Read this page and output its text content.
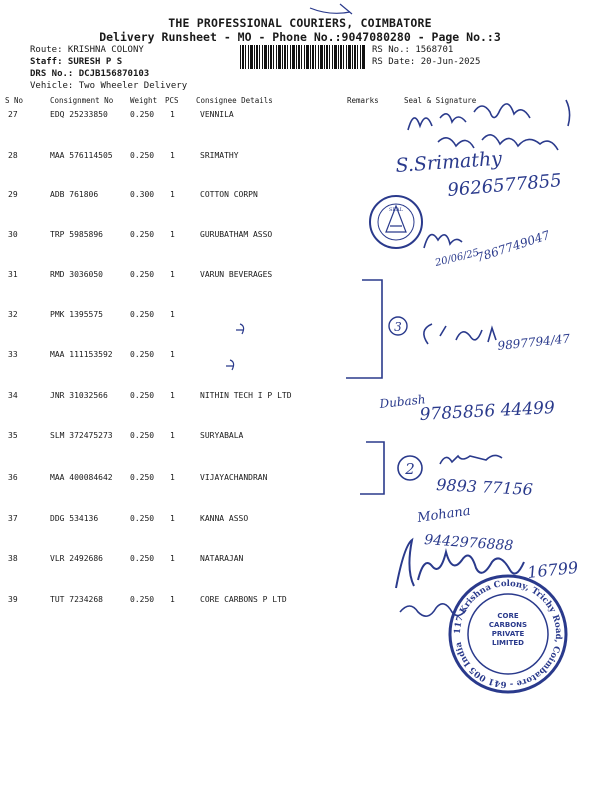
THE PROFESSIONAL COURIERS, COIMBATORE
Delivery Runsheet - MO - Phone No.:9047080280 - Page No.:3
Route: KRISHNA COLONY
Staff: SURESH P S
DRS No.: DCJB156870103
Vehicle: Two Wheeler Delivery
RS No.: 1568701
RS Date: 20-Jun-2025
S No	Consignment No Weight PCS Consignee Details	Remarks	Seal & Signature
27	EDQ 25233850	0.250 1	VENNILA
28	MAA 576114505 0.250 1	SRIMATHY
29	ADB 761806	0.300 1	COTTON CORPN
30	TRP 5985896	0.250 1	GURUBATHAM ASSO
31	RMD 3036050	0.250 1	VARUN BEVERAGES
32	PMK 1395575	0.250 1
33	MAA 111153592 0.250 1
34	JNR 31032566	0.250 1	NITHIN TECH I P LTD
35	SLM 372475273 0.250 1	SURYABALA
36	MAA 400084642 0.250 1	VIJAYACHANDRAN
37	DDG 534136	0.250 1	KANNA ASSO
38	VLR 2492686	0.250 1	NATARAJAN
39	TUT 7234268	0.250 1	CORE CARBONS P LTD
S.Srimathy
9626577855
SEAL
20/06/25
7867749047
3
9897794/47
Dubash
9785856 44499
2
9893 77156
Mohana
9442976888
16799
117 Krishna Colony, Trichy Road, Coimbatore - 641 005 India
CORE CARBONS PRIVATE LIMITED
